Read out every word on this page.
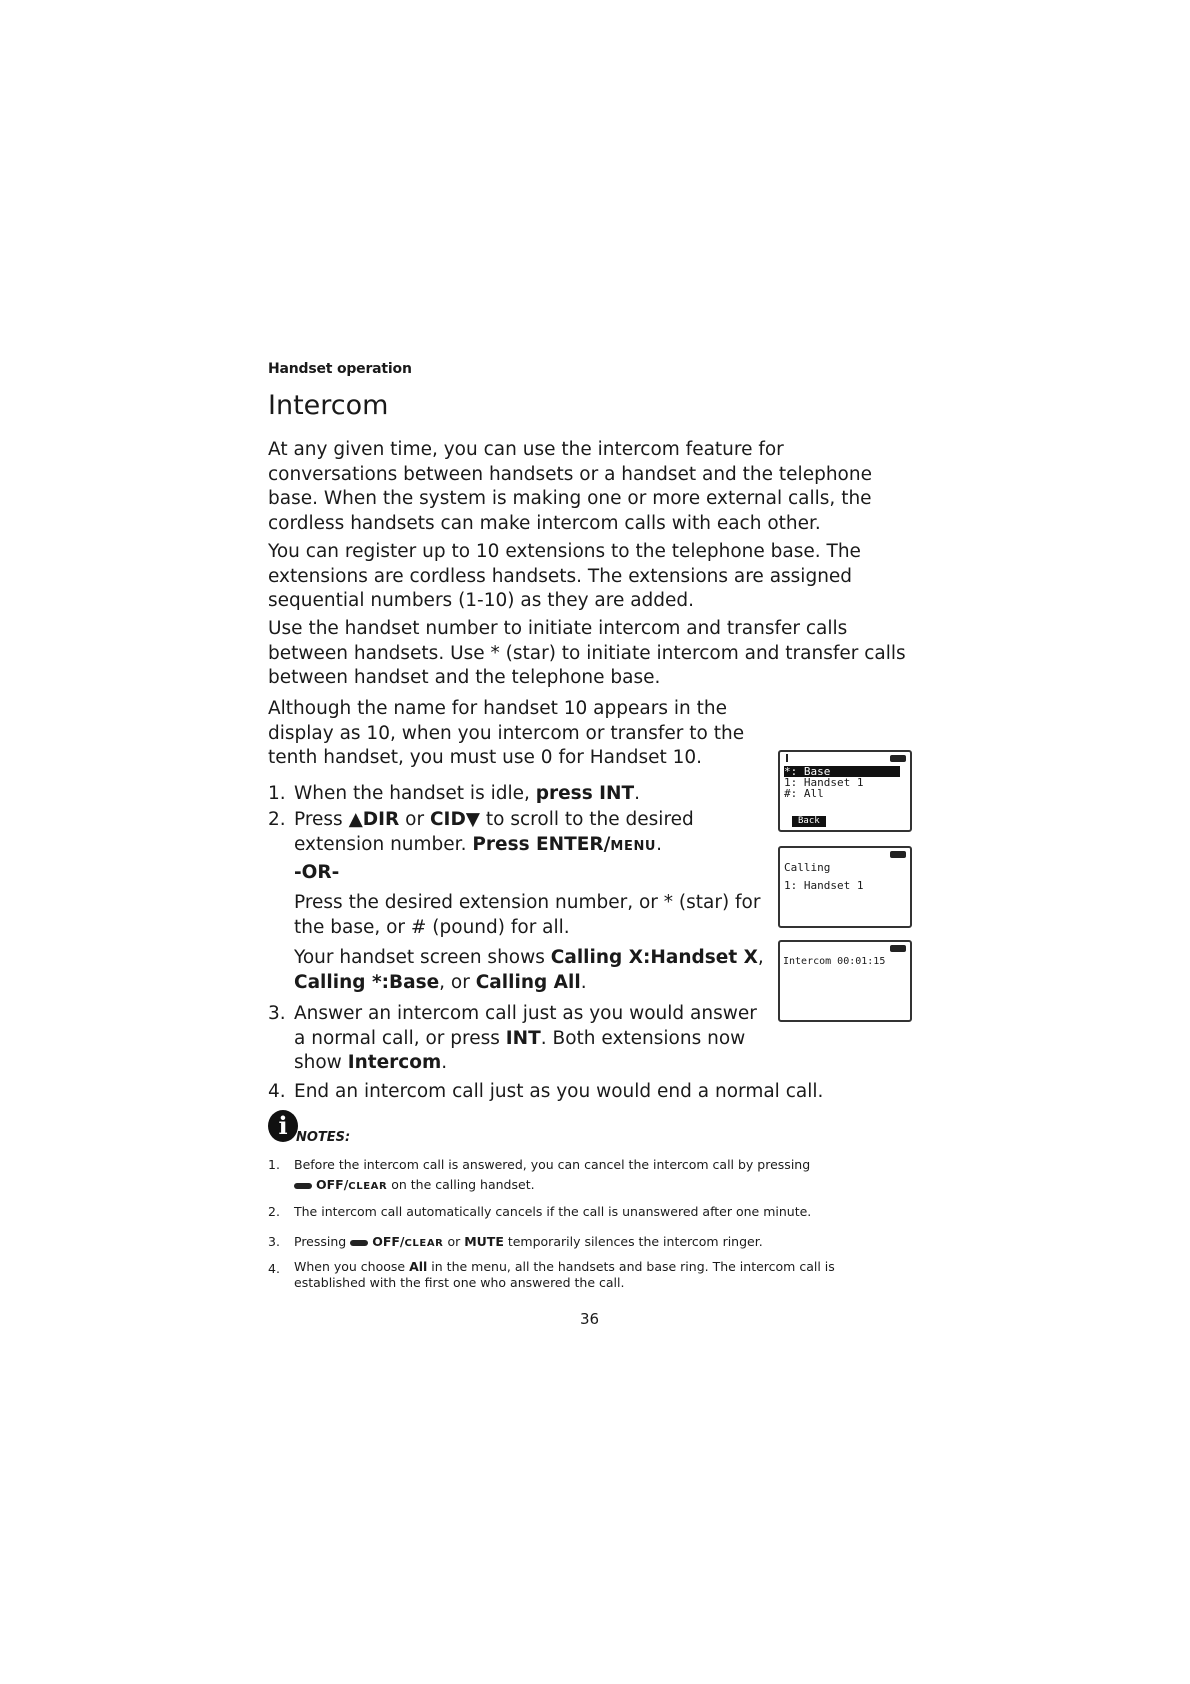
Handset operation
Intercom
At any given time, you can use the intercom feature for conversations between handsets or a handset and the telephone base. When the system is making one or more external calls, the cordless handsets can make intercom calls with each other.
You can register up to 10 extensions to the telephone base. The extensions are cordless handsets. The extensions are assigned sequential numbers (1-10) as they are added.
Use the handset number to initiate intercom and transfer calls between handsets. Use * (star) to initiate intercom and transfer calls between handset and the telephone base.
Although the name for handset 10 appears in the display as 10, when you intercom or transfer to the tenth handset, you must use 0 for Handset 10.
1. When the handset is idle, press INT.
2. Press ▲DIR or CID▼ to scroll to the desired extension number. Press ENTER/MENU.
-OR-
Press the desired extension number, or * (star) for the base, or # (pound) for all.
Your handset screen shows Calling X:Handset X, Calling *:Base, or Calling All.
3. Answer an intercom call just as you would answer a normal call, or press INT. Both extensions now show Intercom.
4. End an intercom call just as you would end a normal call.
*: Base
1: Handset 1
#: All
Back
Calling
1: Handset 1
Intercom 00:01:15
i NOTES:
1. Before the intercom call is answered, you can cancel the intercom call by pressing
OFF/CLEAR on the calling handset.
2. The intercom call automatically cancels if the call is unanswered after one minute.
3. Pressing OFF/CLEAR or MUTE temporarily silences the intercom ringer.
4. When you choose All in the menu, all the handsets and base ring. The intercom call is established with the first one who answered the call.
36
